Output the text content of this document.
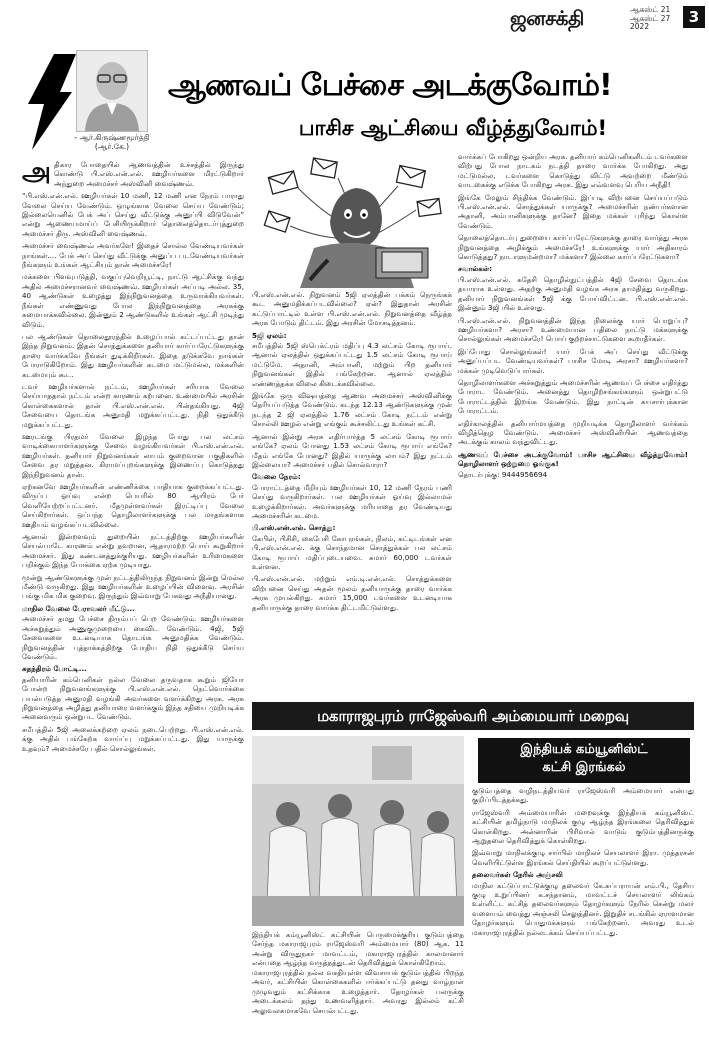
ஜனசக்தி	ஆகஸ்ட் 21
ஆகஸ்ட் 27
2022
3
- ஆர்.கிருஷ்ணமூர்த்தி
(ஆர்.கே.)
ஆணவப் பேச்சை அடக்குவோம்!
பாசிச ஆட்சியை வீழ்த்துவோம்!

அதிகார போதையில் ஆணவத்தின் உச்சத்தில் இருந்து கொண்டு பி.எஸ்.என்.எல். ஊழியர்களை மிரட்டுகிறார் அந்துறை அமைச்சர் அஸ்வினி வைஷ்ணவ்.

“பி.எஸ்.என்.எல். ஊழியர்கள் 10 மணி, 12 மணி என நேரம் பாராது வேலை செய்ய வேண்டும். ஒழுங்காக வேலை செய்ய வேண்டும்; இல்லையெனில் பேக் அப் செய்து வீட்டுக்கு அனுப்பி விடுவேன்” என்று ஆணையமாய்ப் பேசியிருக்கிறார் தொலைத்தொடர்புத்துறை அமைச்சர் திரு. அஸ்வினி வைஷ்ணவ்.

அமைச்சர் வைஷ்ணவ் அவர்களே! இதைச் சொல்ல வேண்டியவர்கள் நாங்கள்.... பேக் அப் செய்து வீட்டுக்கு அனுப்ப படவேண்டியவர்கள் நீங்களும் உங்கள் ஆட்சியும் தான் அமைச்சரே!

மக்களை பிளவுபடுத்தி, வகுப்புவெறியூட்டி, நாட்டு ஆட்சிக்கு வந்து அதில் அமைச்சரானவர் வைஷ்ணவ். ஊழியர்கள் அப்படி அல்ல. 35, 40 ஆண்டுகள் உழைத்து இந்நிறுவனத்தை உருவாக்கியவர்கள். நீங்கள் எண்ணுவது போல இந்நிறுவனத்தை அரசுக்கு சுமையாக்கவில்லை. இன்னும் 2 ஆண்டுகளில் உங்கள் ஆட்சி முடிந்து விடும்.

பல ஆண்டுகள் தொலைதூரத்தில் உழைப்பால் கட்டப்பட்டது தான் இந்த நிறுவனம். இதன் சொத்துக்களை தனியார் கார்ப்பரேட்டுகளுக்கு தாரை வார்க்கவே நீங்கள் துடிக்கிறீர்கள். இதை தடுக்கவே நாங்கள் போராடுகிறோம். இது ஊழியர்களின் கடமை மட்டுமல்ல, மக்களின் கடமையும் கூட.

டவர் ஊழியர்களால் நட்டம், ஊழியர்கள் சரியாக வேலை செய்யாததால் நட்டம் என்ற காரணம் கற்பனை. உண்மையில் அரசின் கொள்கைகளால் தான் பி.எஸ்.என்.எல். பின்தங்கியது. 4ஜி சேவையை தொடங்க அனுமதி மறுக்கப்பட்டது. நிதி ஒதுக்கீடு மறுக்கப்பட்டது.

ஊரடங்கு பிரதமர் வேலை இழந்த போது பல லட்சம் வாடிக்கையாளர்களுக்கு சேவை வழங்கியவர்கள் பி.எஸ்.என்.எல். ஊழியர்கள். தனியார் நிறுவனங்கள் லாபம் குறைவான பகுதிகளில் சேவை தர மறுத்தன. கிராமப்புறங்களுக்கு இணைப்பு கொடுத்தது இந்நிறுவனம் தான்.

ஏற்கனவே ஊழியர்களின் எண்ணிக்கை பாதியாக குறைக்கப்பட்டது. விருப்ப ஓய்வு என்ற பெயரில் 80 ஆயிரம் பேர் வெளியேற்றப்பட்டனர். மீதமுள்ளவர்கள் இரட்டிப்பு வேலை செய்கிறார்கள். ஒப்பந்த தொழிலாளர்களுக்கு பல மாதங்களாக ஊதியம் வழங்கப்படவில்லை.

ஆனால் இன்றளவும் துறையின் நட்டத்திற்கு ஊழியர்களின் செயல்பாடே காரணம் என்று தவறான, ஆதாரமற்ற பொய் கூறுகிறார் அமைச்சர். இது கண்டனத்துக்குரியது. ஊழியர்களின் உரிமைகளை பறிக்கும் இந்த போக்கை ஏற்க முடியாது.

மூன்று ஆண்டுகளுக்கு முன் நட்டத்திலிருந்த நிறுவனம் இன்று மெல்ல மீண்டு வருகிறது. இது ஊழியர்களின் உழைப்பின் விளைவு. அரசின் பங்கு மிக மிக குறைவு. இருந்தும் இவ்வாறு பேசுவது அநீதியானது.

மாநில வேலை பேராவலர் மீட்டு...

அமைச்சர் தமது பேச்சை திரும்பப் பெற வேண்டும். ஊழியர்களை அச்சுறுத்தும் அணுகுமுறையை கைவிட வேண்டும். 4ஜி, 5ஜி சேவைகளை உடனடியாக தொடங்க அனுமதிக்க வேண்டும். நிறுவனத்தின் புத்தாக்கத்திற்கு போதிய நிதி ஒதுக்கீடு செய்ய வேண்டும்.

சுதந்திரம் போட்டி...

தனியாரின் கம்பெனிகள் நல்ல வேலை தருவதாக கூறும் ஜியோ போன்ற நிறுவனங்களுக்கு பி.எஸ்.என்.எல். நெட்வொர்க்கை பயன்படுத்த அனுமதி வழங்கி அவர்களை வளர்க்கிறது அரசு. அரசு நிறுவனத்தை அழித்து தனியாரை வளர்க்கும் இந்த சதியை முறியடிக்க அனைவரும் ஒன்றுபட வேண்டும்.

சமீபத்தில் 5ஜி அலைக்கற்றை ஏலம் நடைபெற்றது. பி.எஸ்.என்.எல். க்கு அதில் பங்கேற்க வாய்ப்பு மறுக்கப்பட்டது. இது யாருக்கு உதவும்? அமைச்சரே பதில் சொல்லுங்கள்.

பி.எஸ்.என்.எல். நிறுவனம் 5ஜி ஏலத்தின் பக்கம் நெருங்கக் கூட அனுமதிக்கப்படவில்லை? ஏன்? இதுதான் அரசின் கட்டுப்பாட்டில் உள்ள பி.எஸ்.என்.எல். நிறுவனத்தை வீழ்த்த அரசு போடும் திட்டம். இது அரசின் மோசடித்தனம்.

5ஜி ஏலம்:

சமீபத்தில் 5ஜி ஸ்பெக்ட்ரம் மதிப்பு 4.3 லட்சம் கோடி ரூபாய். ஆனால் ஏலத்தில் ஒதுக்கப்பட்டது 1.5 லட்சம் கோடி ரூபாய் மட்டுமே. அதானி, அம்பானி, மற்றும் பிற தனியார் நிறுவனங்கள் இதில் பங்கேற்றன. ஆனால் ஏலத்தில் எண்ணத்தக்க விலை கிடைக்கவில்லை.

இங்கே ஒரு விஷயத்தை ஆணவ அமைச்சர் அஸ்வினிக்கு தெரியப்படுத்த வேண்டும். கடந்த 12.13 ஆண்டுகளுக்கு முன் நடந்த 2 ஜி ஏலத்தில் 1.76 லட்சம் கோடி நட்டம் என்று சொல்லி ஊழல் என்று எங்கும் கூச்சலிட்டது உங்கள் கட்சி.

ஆனால் இன்று அரசு எதிர்பார்த்த 5 லட்சம் கோடி ரூபாய் எங்கே? ஏலம் போனது 1.53 லட்சம் கோடி ரூபாய் எங்கே? மீதம் எங்கே போனது? இதில் யாருக்கு லாபம்? இது நட்டம் இல்லையா? அமைச்சர் பதில் சொல்வாரா?

வேலை நேரம்:

போராட்டத்தை மீறியும் ஊழியர்கள் 10, 12 மணி நேரம் பணி செய்து வருகிறார்கள். பல ஊழியர்கள் ஓய்வு இல்லாமல் உழைக்கிறார்கள். அவர்களுக்கு மரியாதை தர வேண்டியது அமைச்சரின் கடமை.

பி.எஸ்.என்.எல். சொத்து:

கேபிள், பிசிசி, கைபேசி கோபுரங்கள், நிலம், கட்டிடங்கள் என பி.எஸ்.என்.எல். க்கு சொந்தமான சொத்துக்கள் பல லட்சம் கோடி ரூபாய் மதிப்புடையவை. சுமார் 60,000 டவர்கள் உள்ளன.

பி.எஸ்.என்.எல். மற்றும் எம்.டி.என்.எல். சொத்துக்களை விற்பனை செய்து அதன் மூலம் தனியாருக்கு தாரை வார்க்க அரசு முயல்கிறது. சுமார் 15,000 டவர்களை உடனடியாக தனியாருக்கு தாரை வார்க்க திட்டமிட்டுள்ளது.

வார்க்கப் போகிறது ஒன்றிய அரசு. தனியார் கம்பெனிகளிடம் டவர்களை விற்பது போல நாடகம் நடத்தி தாரை வார்க்க போகிறது. அது மட்டுமல்ல, டவர்களை கொடுத்து விட்டு அவற்றை மீண்டும் வாடகைக்கு எடுக்க போகிறது அரசு. இது எவ்வளவு பெரிய அநீதி!

இங்கே மேலும் சிந்திக்க வேண்டும். இப்படி விற்பனை செய்யப்படும் பி.எஸ்.என்.எல். சொத்துக்கள் யாருக்கு? அமைச்சரின் நண்பர்களான அதானி, அம்பானிகளுக்கு தானே? இதை மக்கள் புரிந்து கொள்ள வேண்டும்.

தொலைத்தொடர்பு துறையை கார்ப்பரேட்டுகளுக்கு தாரை வார்த்து அரசு நிறுவனத்தை அழிக்கும் அமைச்சரே! உங்களுக்கு யார் அதிகாரம் கொடுத்தது? நாடாளுமன்றமா? மக்களா? இல்லை கார்ப்பரேட்டுகளா?

சவால்கள்:

பி.எஸ்.என்.எல். சுதேசி தொழில்நுட்பத்தில் 4ஜி சேவை தொடங்க தயாராக உள்ளது. அதற்கு அனுமதி வழங்க அரசு தாமதித்து வருகிறது. தனியார் நிறுவனங்கள் 5ஜி க்கு போய்விட்டன. பி.எஸ்.என்.எல். இன்னும் 3ஜி யில் உள்ளது.

பி.எஸ்.என்.எல். நிறுவனத்தின் இந்த நிலைக்கு யார் பொறுப்பு? ஊழியர்களா? அரசா? உண்மையான பதிலை நாட்டு மக்களுக்கு சொல்லுங்கள் அமைச்சரே! பொய் குற்றச்சாட்டுகளை கூறாதீர்கள்.

இப்போது சொல்லுங்கள்! யார் பேக் அப் செய்து வீட்டுக்கு அனுப்பப்பட வேண்டியவர்கள்? பாசிச மோடி அரசா? ஊழியர்களா? மக்கள் முடிவெடுப்பார்கள்.

தொழிலாளர்களை அச்சுறுத்தும் அமைச்சரின் ஆணவப் பேச்சை எதிர்த்து போராட வேண்டும். அனைத்து தொழிற்சங்கங்களும் ஒன்றுபட்டு போராட்டத்தில் இறங்க வேண்டும். இது நாட்டின் சுயசார்புக்கான போராட்டம்.

எதிர்காலத்தில் தனியார்மயத்தை முறியடிக்க தொழிலாளர் வர்க்கம் விழித்தெழ வேண்டும். அமைச்சர் அஸ்வினியின் ஆணவத்தை அடக்கும் காலம் வந்துவிட்டது.

ஆணவப் பேச்சை அடக்குவோம்! பாசிச ஆட்சியை வீழ்த்துவோம்! தொழிலாளர் ஒற்றுமை ஓங்குக!

தொடர்புக்கு: 9444956694

மகாராஜபுரம் ராஜேஸ்வரி அம்மையார் மறைவு
இந்தியக் கம்யூனிஸ்ட் கட்சியின் பெருமைக்குரிய குடும்பத்தை சேர்ந்த மகாராஜபுரம் ராஜேஸ்வரி அம்மையார் (80) ஆக. 11 அன்று விருதுநகர் மாவட்டம், மகாராஜபுரத்தில் காலமானார் என்பதை ஆழ்ந்த வருத்தத்துடன் தெரிவித்துக் கொள்கிறோம்.

மகாராஜபுரத்தில் நல்ல வசதியுள்ள விவசாயக் குடும்பத்தில் பிறந்த அவர், கட்சியின் கொள்கைகளில் ஈர்க்கப்பட்டு தனது வாழ்நாள் முழுவதும் கட்சிக்காக உழைத்தார். தோழர்கள் பலருக்கு அடைக்கலம் தந்து உணவளித்தார். அவரது இல்லம் கட்சி அலுவலகமாகவே செயல்பட்டது.

இந்தியக் கம்யூனிஸ்ட்
கட்சி இரங்கல்

குடும்பத்தை வழிநடத்தியவர் ராஜேஸ்வரி அம்மையார் என்பது குறிப்பிடத்தக்கது.

ராஜேஸ்வரி அம்மையாரின் மறைவுக்கு இந்தியக் கம்யூனிஸ்ட் கட்சியின் தமிழ்நாடு மாநிலக் குழு ஆழ்ந்த இரங்கலை தெரிவித்துக் கொள்கிறது. அன்னாரின் பிரிவால் வாடும் குடும்பத்தினருக்கு ஆறுதலை தெரிவித்துக் கொள்கிறது.

இவ்வாறு மாநிலக்குழு சார்பில் மாநிலச் செயலாளர் இரா. முத்தரசன் வெளியிட்டுள்ள இரங்கல் செய்தியில் கூறப்பட்டுள்ளது.

தலைவர்கள் நேரில் அஞ்சலி

மாநில கட்டுப்பாட்டுக்குழு தலைவர் கே.சுப்பராயன் எம்.பி., தேசிய குழு உறுப்பினர் க.சந்தானம், மாவட்டச் செயலாளர் லிங்கம் உள்ளிட்ட கட்சித் தலைவர்களும் தோழர்களும் நேரில் சென்று மலர் வளையம் வைத்து அஞ்சலி செலுத்தினர். இறுதிச் சடங்கில் ஏராளமான தோழர்களும் பொதுமக்களும் பங்கேற்றனர். அவரது உடல் மகாராஜபுரத்தில் நல்லடக்கம் செய்யப்பட்டது.
